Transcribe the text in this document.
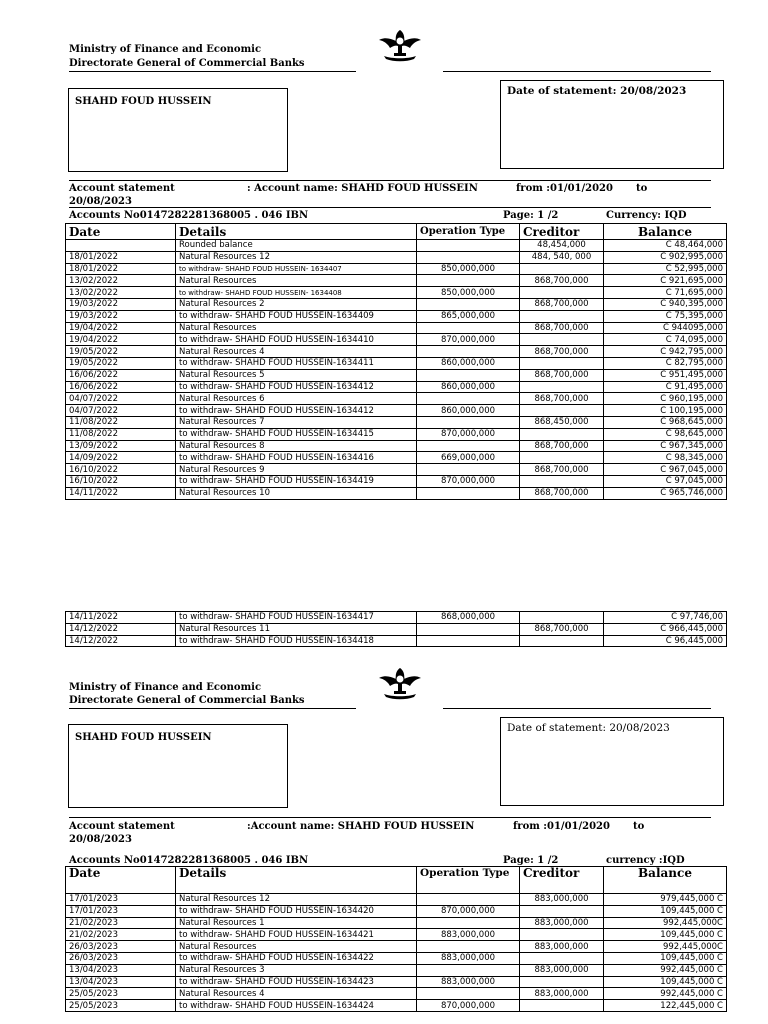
Ministry of Finance and Economic
Directorate General of Commercial Banks
SHAHD FOUD HUSSEIN
Date of statement: 20/08/2023
Account statement	: Account name: SHAHD FOUD HUSSEIN	from :01/01/2020 to
20/08/2023
Accounts No0147282281368005 . 046 IBN	Page: 1 /2	Currency: IQD
Date	Details	Operation Type	Creditor	Balance
	Rounded balance		48,454,000	C 48,464,000
18/01/2022	Natural Resources 12		484, 540, 000	C 902,995,000
18/01/2022	to withdraw- SHAHD FOUD HUSSEIN- 1634407	850,000,000		C 52,995,000
13/02/2022	Natural Resources		868,700,000	C 921,695,000
13/02/2022	to withdraw- SHAHD FOUD HUSSEIN- 1634408	850,000,000		C 71,695,000
19/03/2022	Natural Resources 2		868,700,000	C 940,395,000
19/03/2022	to withdraw- SHAHD FOUD HUSSEIN-1634409	865,000,000		C 75,395,000
19/04/2022	Natural Resources		868,700,000	C 944095,000
19/04/2022	to withdraw- SHAHD FOUD HUSSEIN-1634410	870,000,000		C 74,095,000
19/05/2022	Natural Resources 4		868,700,000	C 942,795,000
19/05/2022	to withdraw- SHAHD FOUD HUSSEIN-1634411	860,000,000		C 82,795,000
16/06/2022	Natural Resources 5		868,700,000	C 951,495,000
16/06/2022	to withdraw- SHAHD FOUD HUSSEIN-1634412	860,000,000		C 91,495,000
04/07/2022	Natural Resources 6		868,700,000	C 960,195,000
04/07/2022	to withdraw- SHAHD FOUD HUSSEIN-1634412	860,000,000		C 100,195,000
11/08/2022	Natural Resources 7		868,450,000	C 968,645,000
11/08/2022	to withdraw- SHAHD FOUD HUSSEIN-1634415	870,000,000		C 98,645,000
13/09/2022	Natural Resources 8		868,700,000	C 967,345,000
14/09/2022	to withdraw- SHAHD FOUD HUSSEIN-1634416	669,000,000		C 98,345,000
16/10/2022	Natural Resources 9		868,700,000	C 967,045,000
16/10/2022	to withdraw- SHAHD FOUD HUSSEIN-1634419	870,000,000		C 97,045,000
14/11/2022	Natural Resources 10		868,700,000	C 965,746,000
14/11/2022	to withdraw- SHAHD FOUD HUSSEIN-1634417	868,000,000		C 97,746,00
14/12/2022	Natural Resources 11		868,700,000	C 966,445,000
14/12/2022	to withdraw- SHAHD FOUD HUSSEIN-1634418			C 96,445,000
Ministry of Finance and Economic
Directorate General of Commercial Banks
SHAHD FOUD HUSSEIN
Date of statement: 20/08/2023
Account statement	:Account name: SHAHD FOUD HUSSEIN	from :01/01/2020 to
20/08/2023
Accounts No0147282281368005 . 046 IBN	Page: 1 /2	currency :IQD
Date	Details	Operation Type	Creditor	Balance
17/01/2023	Natural Resources 12		883,000,000	979,445,000 C
17/01/2023	to withdraw- SHAHD FOUD HUSSEIN-1634420	870,000,000		109,445,000 C
21/02/2023	Natural Resources 1		883,000,000	992,445,000C
21/02/2023	to withdraw- SHAHD FOUD HUSSEIN-1634421	883,000,000		109,445,000 C
26/03/2023	Natural Resources		883,000,000	992,445,000C
26/03/2023	to withdraw- SHAHD FOUD HUSSEIN-1634422	883,000,000		109,445,000 C
13/04/2023	Natural Resources 3		883,000,000	992,445,000 C
13/04/2023	to withdraw- SHAHD FOUD HUSSEIN-1634423	883,000,000		109,445,000 C
25/05/2023	Natural Resources 4		883,000,000	992,445,000 C
25/05/2023	to withdraw- SHAHD FOUD HUSSEIN-1634424	870,000,000		122,445,000 C
